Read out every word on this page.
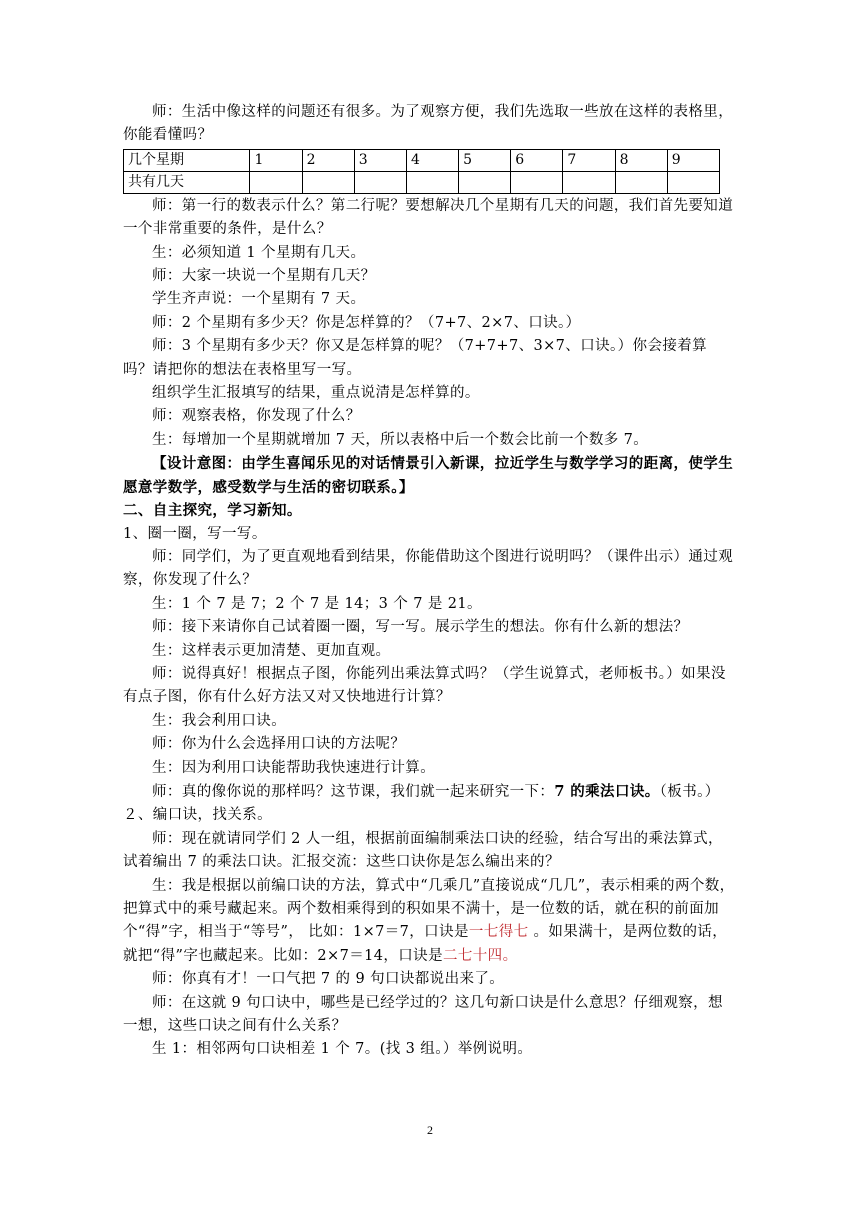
师：生活中像这样的问题还有很多。为了观察方便，我们先选取一些放在这样的表格里，你能看懂吗？

几个星期	1	2	3	4	5	6	7	8	9
共有几天									

师：第一行的数表示什么？第二行呢？要想解决几个星期有几天的问题，我们首先要知道一个非常重要的条件，是什么？

生：必须知道 1 个星期有几天。

师：大家一块说一个星期有几天？

学生齐声说：一个星期有 7 天。

师：2 个星期有多少天？你是怎样算的？（7+7、2×7、口诀。）

师：3 个星期有多少天？你又是怎样算的呢？（7+7+7、3×7、口诀。）你会接着算吗？请把你的想法在表格里写一写。

组织学生汇报填写的结果，重点说清是怎样算的。

师：观察表格，你发现了什么？

生：每增加一个星期就增加 7 天，所以表格中后一个数会比前一个数多 7。

【设计意图：由学生喜闻乐见的对话情景引入新课，拉近学生与数学学习的距离，使学生愿意学数学，感受数学与生活的密切联系。】

二、自主探究，学习新知。

1、圈一圈，写一写。

师：同学们，为了更直观地看到结果，你能借助这个图进行说明吗？（课件出示）通过观察，你发现了什么？

生：1 个 7 是 7；2 个 7 是 14；3 个 7 是 21。

师：接下来请你自己试着圈一圈，写一写。展示学生的想法。你有什么新的想法？

生：这样表示更加清楚、更加直观。

师：说得真好！根据点子图，你能列出乘法算式吗？（学生说算式，老师板书。）如果没有点子图，你有什么好方法又对又快地进行计算？

生：我会利用口诀。

师：你为什么会选择用口诀的方法呢？

生：因为利用口诀能帮助我快速进行计算。

师：真的像你说的那样吗？这节课，我们就一起来研究一下：7 的乘法口诀。（板书。）

２、编口诀，找关系。

师：现在就请同学们 2 人一组，根据前面编制乘法口诀的经验，结合写出的乘法算式，试着编出 7 的乘法口诀。汇报交流：这些口诀你是怎么编出来的？

生：我是根据以前编口诀的方法，算式中“几乘几”直接说成“几几”，表示相乘的两个数，把算式中的乘号藏起来。两个数相乘得到的积如果不满十，是一位数的话，就在积的前面加个“得”字，相当于“等号”， 比如：1×7＝7，口诀是一七得七 。如果满十，是两位数的话，就把“得”字也藏起来。比如：2×7＝14，口诀是二七十四。

师：你真有才！一口气把 7 的 9 句口诀都说出来了。

师：在这就 9 句口诀中，哪些是已经学过的？这几句新口诀是什么意思？仔细观察，想一想，这些口诀之间有什么关系？

生 1：相邻两句口诀相差 1 个 7。(找 3 组。）举例说明。

2
